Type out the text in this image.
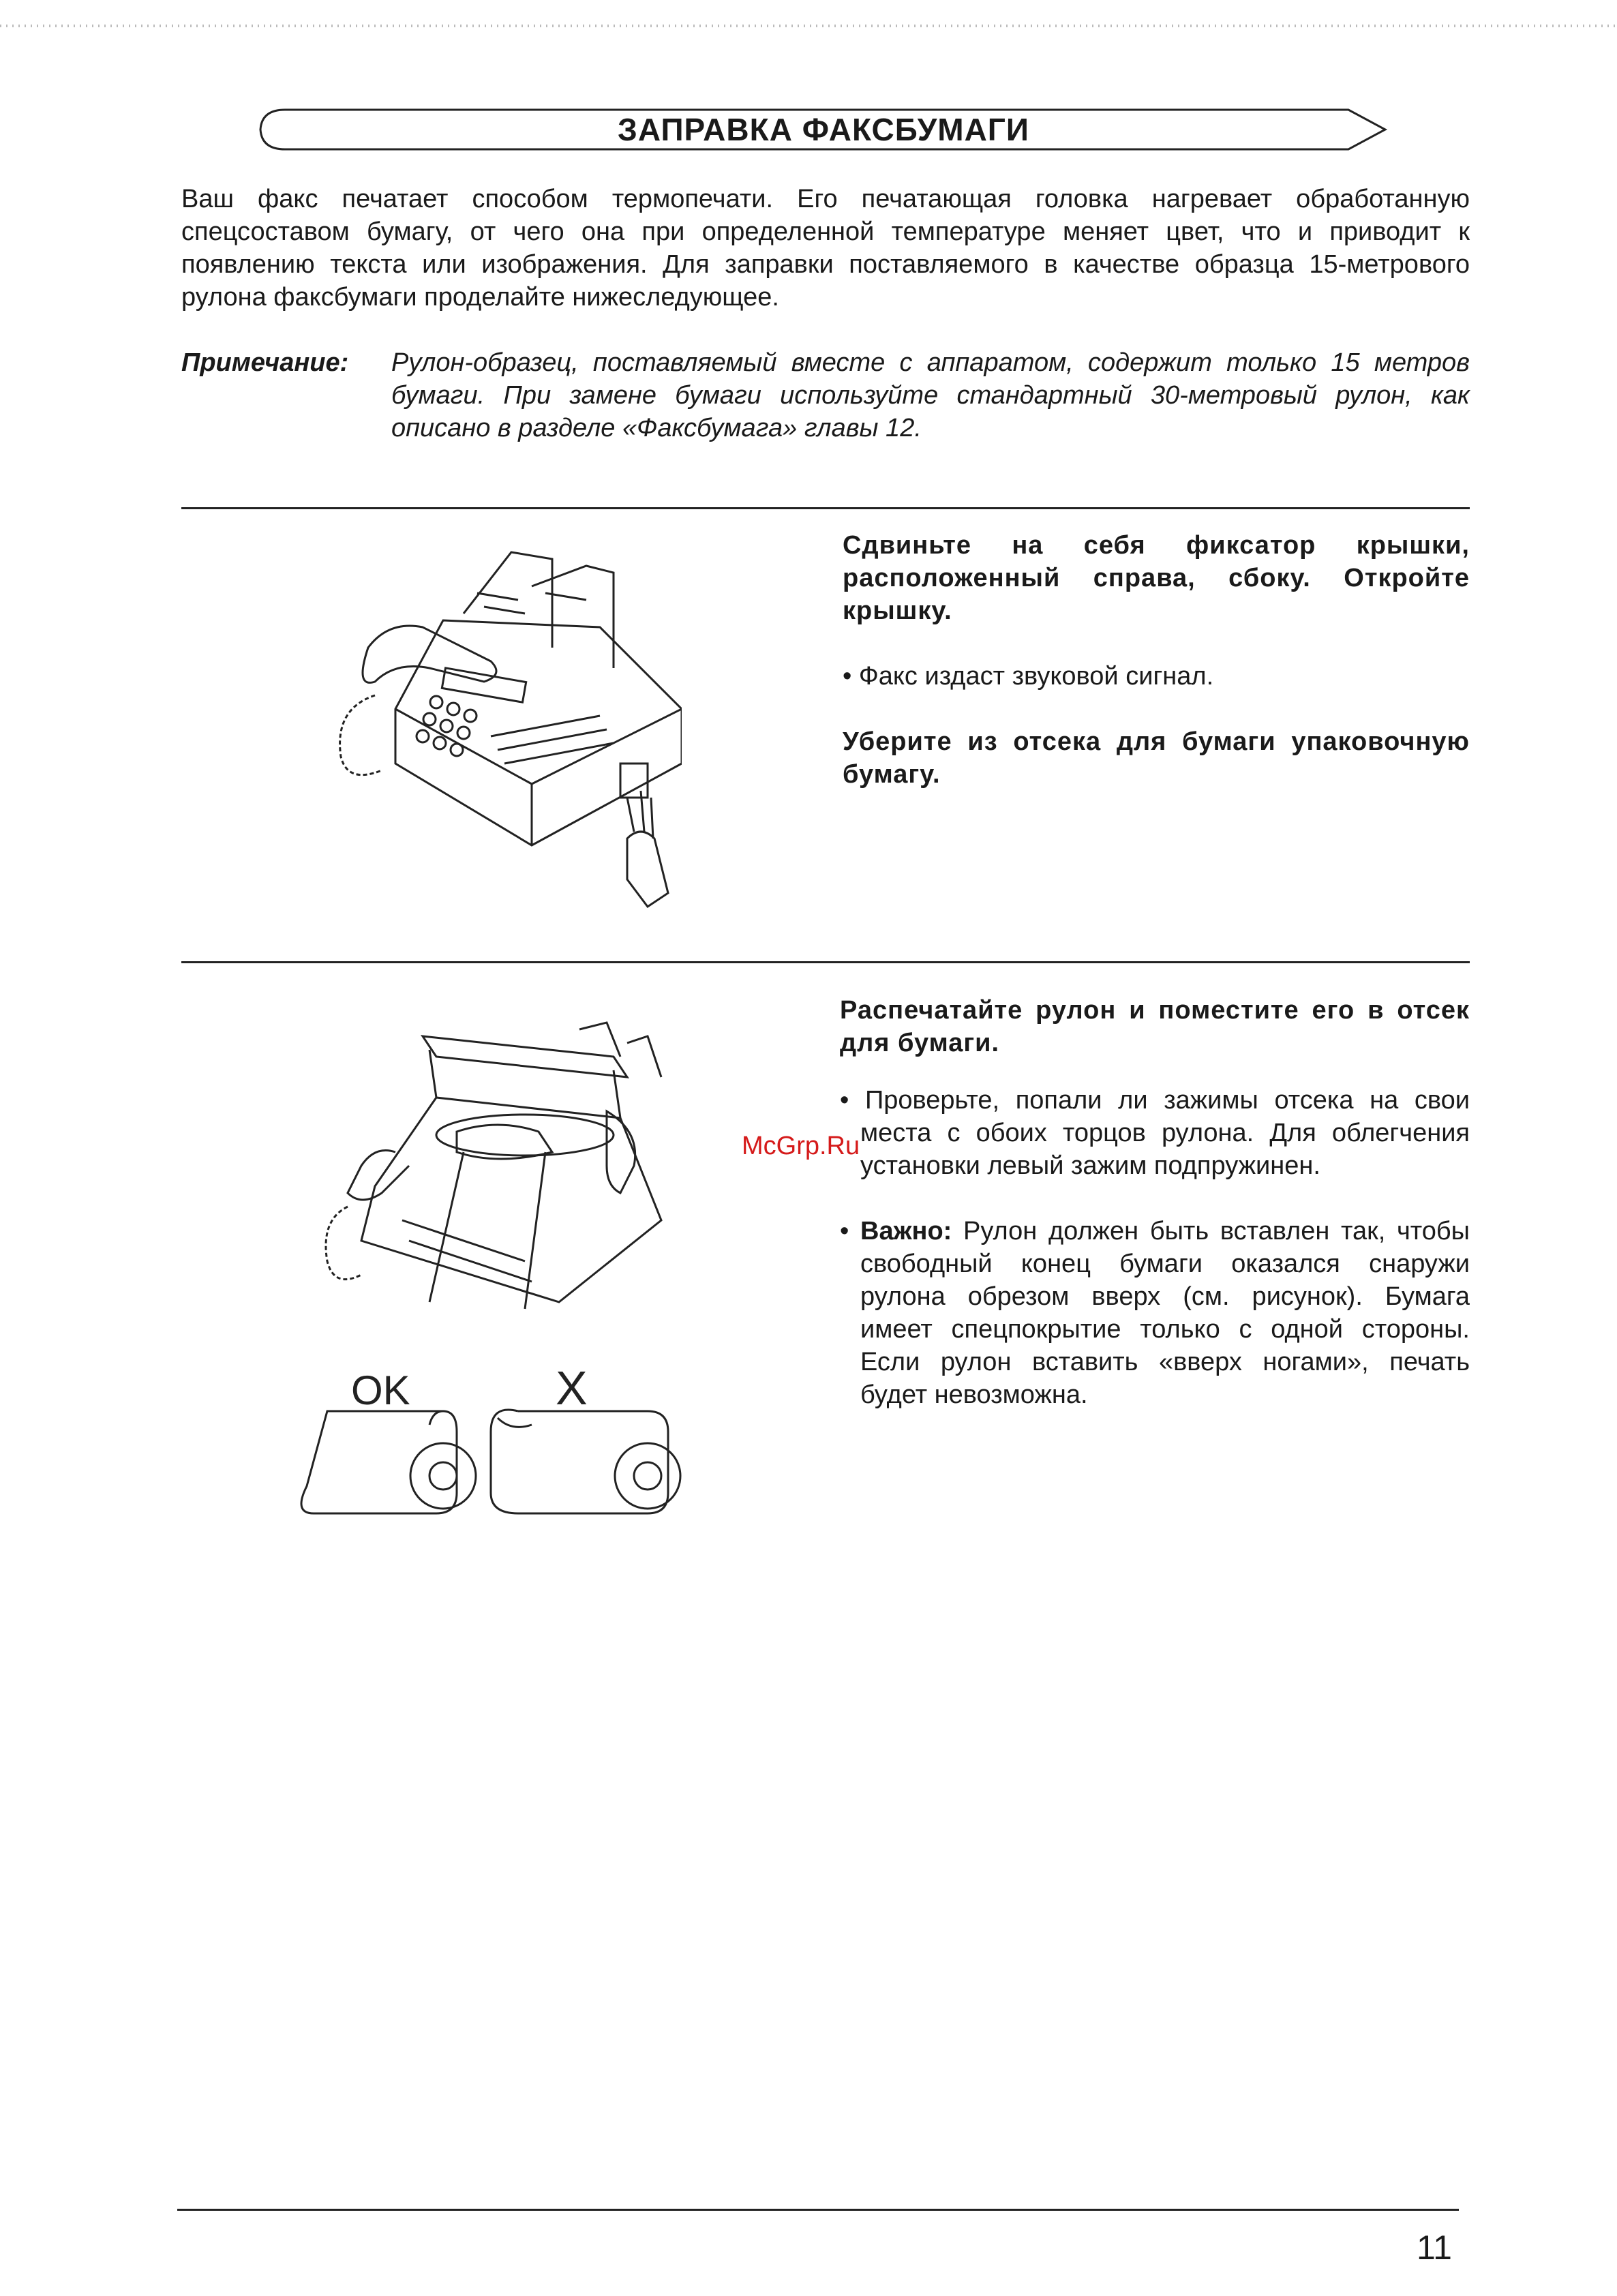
ЗАПРАВКА ФАКСБУМАГИ
Ваш факс печатает способом термопечати. Его печатающая головка нагревает обработанную спецсоставом бумагу, от чего она при определенной температуре меняет цвет, что и приводит к появлению текста или изображения. Для заправки поставляемого в качестве образца 15-метрового рулона факсбумаги проделайте нижеследующее.
Примечание: Рулон-образец, поставляемый вместе с аппаратом, содержит только 15 метров бумаги. При замене бумаги используйте стандартный 30-метровый рулон, как описано в разделе «Факсбумага» главы 12.
Сдвиньте на себя фиксатор крышки, расположенный справа, сбоку. Откройте крышку.
• Факс издаст звуковой сигнал.
Уберите из отсека для бумаги упаковочную бумагу.
OK	X
Распечатайте рулон и поместите его в отсек для бумаги.
• Проверьте, попали ли зажимы отсека на свои места с обоих торцов рулона. Для облегчения установки левый зажим подпружинен.
• Важно: Рулон должен быть вставлен так, чтобы свободный конец бумаги оказался снаружи рулона обрезом вверх (см. рисунок). Бумага имеет спецпокрытие только с одной стороны. Если рулон вставить «вверх ногами», печать будет невозможна.
McGrp.Ru
11
